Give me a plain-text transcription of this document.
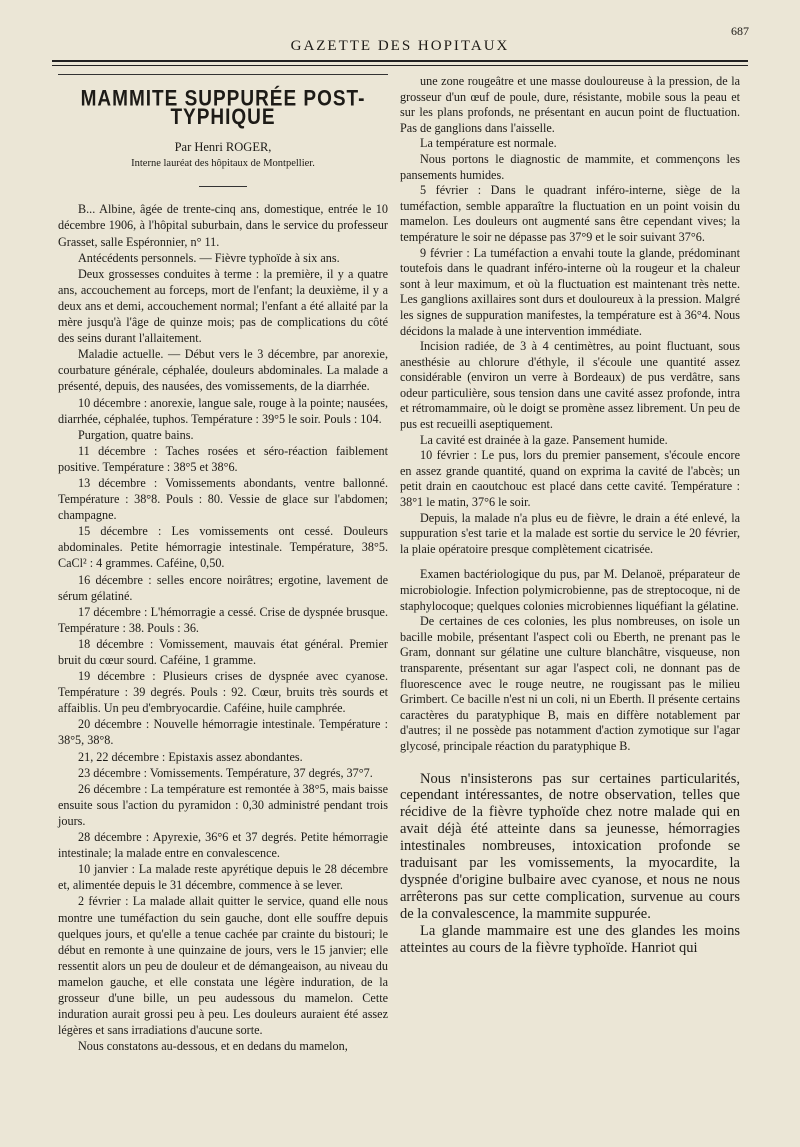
687
GAZETTE DES HOPITAUX
MAMMITE SUPPURÉE POST-TYPHIQUE
Par Henri ROGER,
Interne lauréat des hôpitaux de Montpellier.

B... Albine, âgée de trente-cinq ans, domestique, entrée le 10 décembre 1906, à l'hôpital suburbain, dans le service du professeur Grasset, salle Espéronnier, n° 11.

Antécédents personnels. — Fièvre typhoïde à six ans.

Deux grossesses conduites à terme : la première, il y a quatre ans, accouchement au forceps, mort de l'enfant; la deuxième, il y a deux ans et demi, accouchement normal; l'enfant a été allaité par la mère jusqu'à l'âge de quinze mois; pas de complications du côté des seins durant l'allaitement.

Maladie actuelle. — Début vers le 3 décembre, par anorexie, courbature générale, céphalée, douleurs abdominales. La malade a présenté, depuis, des nausées, des vomissements, de la diarrhée.

10 décembre : anorexie, langue sale, rouge à la pointe; nausées, diarrhée, céphalée, tuphos. Température : 39°5 le soir. Pouls : 104.

Purgation, quatre bains.

11 décembre : Taches rosées et séro-réaction faiblement positive. Température : 38°5 et 38°6.

13 décembre : Vomissements abondants, ventre ballonné. Température : 38°8. Pouls : 80. Vessie de glace sur l'abdomen; champagne.

15 décembre : Les vomissements ont cessé. Douleurs abdominales. Petite hémorragie intestinale. Température, 38°5. CaCl² : 4 grammes. Caféine, 0,50.

16 décembre : selles encore noirâtres; ergotine, lavement de sérum gélatiné.

17 décembre : L'hémorragie a cessé. Crise de dyspnée brusque. Température : 38. Pouls : 36.

18 décembre : Vomissement, mauvais état général. Premier bruit du cœur sourd. Caféine, 1 gramme.

19 décembre : Plusieurs crises de dyspnée avec cyanose. Température : 39 degrés. Pouls : 92. Cœur, bruits très sourds et affaiblis. Un peu d'embryocardie. Caféine, huile camphrée.

20 décembre : Nouvelle hémorragie intestinale. Température : 38°5, 38°8.

21, 22 décembre : Epistaxis assez abondantes.

23 décembre : Vomissements. Température, 37 degrés, 37°7.

26 décembre : La température est remontée à 38°5, mais baisse ensuite sous l'action du pyramidon : 0,30 administré pendant trois jours.

28 décembre : Apyrexie, 36°6 et 37 degrés. Petite hémorragie intestinale; la malade entre en convalescence.

10 janvier : La malade reste apyrétique depuis le 28 décembre et, alimentée depuis le 31 décembre, commence à se lever.

2 février : La malade allait quitter le service, quand elle nous montre une tuméfaction du sein gauche, dont elle souffre depuis quelques jours, et qu'elle a tenue cachée par crainte du bistouri; le début en remonte à une quinzaine de jours, vers le 15 janvier; elle ressentit alors un peu de douleur et de démangeaison, au niveau du mamelon gauche, et elle constata une légère induration, de la grosseur d'une bille, un peu audessous du mamelon. Cette induration aurait grossi peu à peu. Les douleurs auraient été assez légères et sans irradiations d'aucune sorte.

Nous constatons au-dessous, et en dedans du mamelon,

une zone rougeâtre et une masse douloureuse à la pression, de la grosseur d'un œuf de poule, dure, résistante, mobile sous la peau et sur les plans profonds, ne présentant en aucun point de fluctuation. Pas de ganglions dans l'aisselle.

La température est normale.

Nous portons le diagnostic de mammite, et commençons les pansements humides.

5 février : Dans le quadrant inféro-interne, siège de la tuméfaction, semble apparaître la fluctuation en un point voisin du mamelon. Les douleurs ont augmenté sans être cependant vives; la température le soir ne dépasse pas 37°9 et le soir suivant 37°6.

9 février : La tuméfaction a envahi toute la glande, prédominant toutefois dans le quadrant inféro-interne où la rougeur et la chaleur sont à leur maximum, et où la fluctuation est maintenant très nette. Les ganglions axillaires sont durs et douloureux à la pression. Malgré les signes de suppuration manifestes, la température est à 36°4. Nous décidons la malade à une intervention immédiate.

Incision radiée, de 3 à 4 centimètres, au point fluctuant, sous anesthésie au chlorure d'éthyle, il s'écoule une quantité assez considérable (environ un verre à Bordeaux) de pus verdâtre, sans odeur particulière, sous tension dans une cavité assez profonde, intra et rétromammaire, où le doigt se promène assez librement. Un peu de pus est recueilli aseptiquement.

La cavité est drainée à la gaze. Pansement humide.

10 février : Le pus, lors du premier pansement, s'écoule encore en assez grande quantité, quand on exprima la cavité de l'abcès; un petit drain en caoutchouc est placé dans cette cavité. Température : 38°1 le matin, 37°6 le soir.

Depuis, la malade n'a plus eu de fièvre, le drain a été enlevé, la suppuration s'est tarie et la malade est sortie du service le 20 février, la plaie opératoire presque complètement cicatrisée.

Examen bactériologique du pus, par M. Delanoë, préparateur de microbiologie. Infection polymicrobienne, pas de streptocoque, ni de staphylocoque; quelques colonies microbiennes liquéfiant la gélatine.

De certaines de ces colonies, les plus nombreuses, on isole un bacille mobile, présentant l'aspect coli ou Eberth, ne prenant pas le Gram, donnant sur gélatine une culture blanchâtre, visqueuse, non transparente, présentant sur agar l'aspect coli, ne donnant pas de fluorescence avec le rouge neutre, ne rougissant pas le milieu Grimbert. Ce bacille n'est ni un coli, ni un Eberth. Il présente certains caractères du paratyphique B, mais en diffère notablement par d'autres; il ne possède pas notamment d'action zymotique sur l'agar glycosé, principale réaction du paratyphique B.

Nous n'insisterons pas sur certaines particularités, cependant intéressantes, de notre observation, telles que récidive de la fièvre typhoïde chez notre malade qui en avait déjà été atteinte dans sa jeunesse, hémorragies intestinales nombreuses, intoxication profonde se traduisant par les vomissements, la myocardite, la dyspnée d'origine bulbaire avec cyanose, et nous ne nous arrêterons pas sur cette complication, survenue au cours de la convalescence, la mammite suppurée.

La glande mammaire est une des glandes les moins atteintes au cours de la fièvre typhoïde. Hanriot qui
